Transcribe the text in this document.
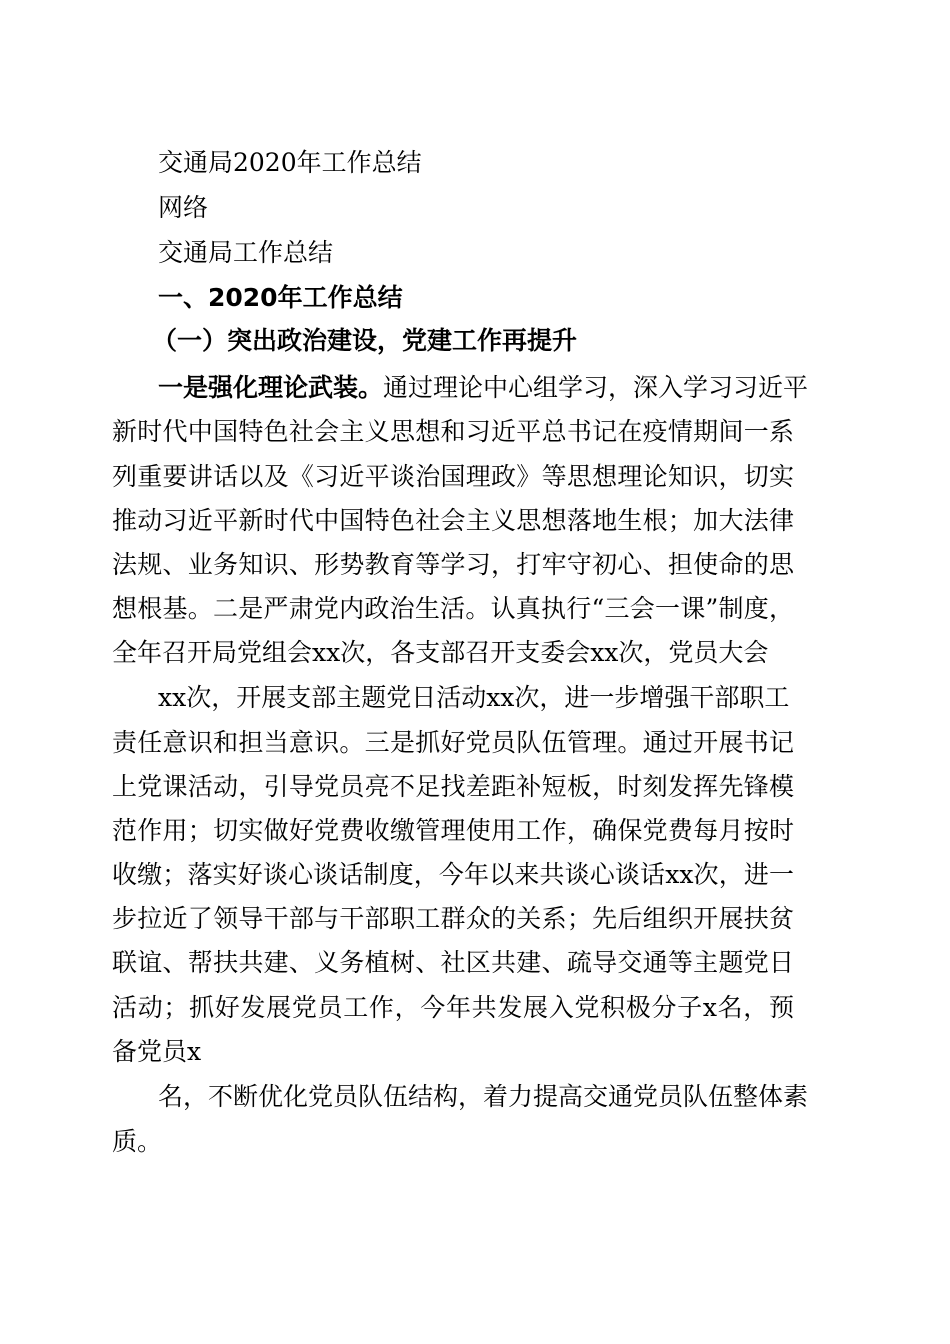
交通局2020年工作总结
网络
交通局工作总结
一、2020年工作总结
（一）突出政治建设，党建工作再提升
一是强化理论武装。通过理论中心组学习，深入学习习近平
新时代中国特色社会主义思想和习近平总书记在疫情期间一系
列重要讲话以及《习近平谈治国理政》等思想理论知识，切实
推动习近平新时代中国特色社会主义思想落地生根；加大法律
法规、业务知识、形势教育等学习，打牢守初心、担使命的思
想根基。二是严肃党内政治生活。认真执行“三会一课”制度，
全年召开局党组会xx次，各支部召开支委会xx次，党员大会
xx次，开展支部主题党日活动xx次，进一步增强干部职工
责任意识和担当意识。三是抓好党员队伍管理。通过开展书记
上党课活动，引导党员亮不足找差距补短板，时刻发挥先锋模
范作用；切实做好党费收缴管理使用工作，确保党费每月按时
收缴；落实好谈心谈话制度，今年以来共谈心谈话xx次，进一
步拉近了领导干部与干部职工群众的关系；先后组织开展扶贫
联谊、帮扶共建、义务植树、社区共建、疏导交通等主题党日
活动；抓好发展党员工作，今年共发展入党积极分子x名，预
备党员x
名，不断优化党员队伍结构，着力提高交通党员队伍整体素
质。
